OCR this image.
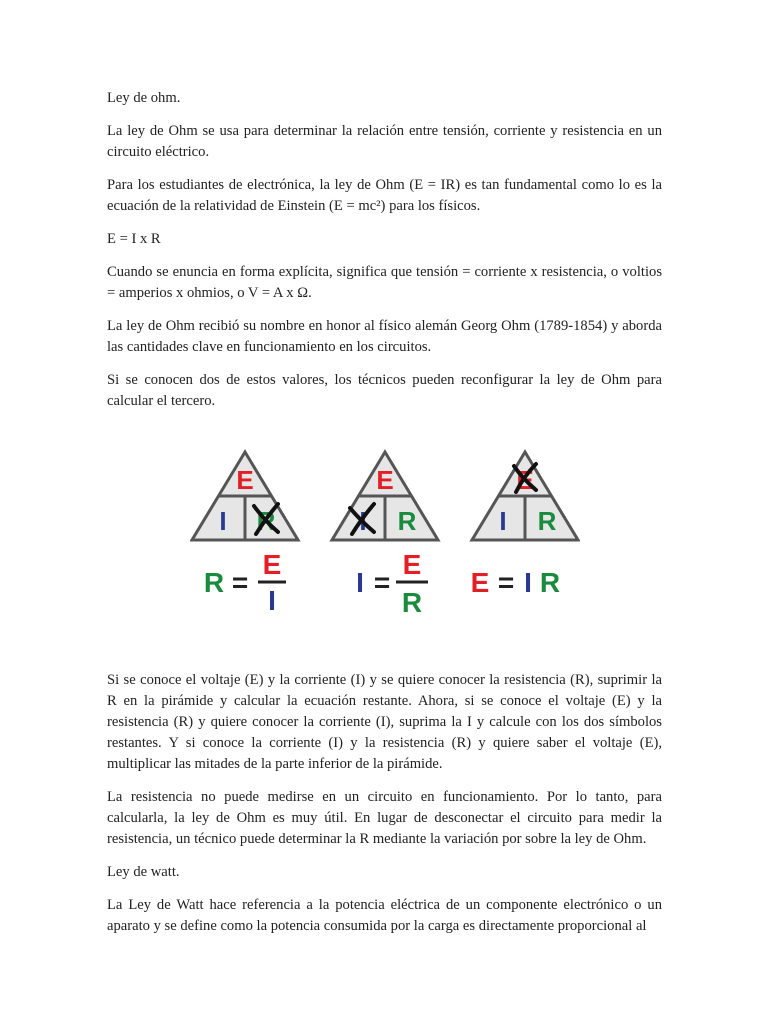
Ley de ohm.

La ley de Ohm se usa para determinar la relación entre tensión, corriente y resistencia en un circuito eléctrico.

Para los estudiantes de electrónica, la ley de Ohm (E = IR) es tan fundamental como lo es la ecuación de la relatividad de Einstein (E = mc²) para los físicos.

E = I x R

Cuando se enuncia en forma explícita, significa que tensión = corriente x resistencia, o voltios = amperios x ohmios, o V = A x Ω.

La ley de Ohm recibió su nombre en honor al físico alemán Georg Ohm (1789-1854) y aborda las cantidades clave en funcionamiento en los circuitos.

Si se conocen dos de estos valores, los técnicos pueden reconfigurar la ley de Ohm para calcular el tercero.

E
I R
E
I R
E
I R
R =
E
I
I =
E
R
E = I R

Si se conoce el voltaje (E) y la corriente (I) y se quiere conocer la resistencia (R), suprimir la R en la pirámide y calcular la ecuación restante. Ahora, si se conoce el voltaje (E) y la resistencia (R) y quiere conocer la corriente (I), suprima la I y calcule con los dos símbolos restantes. Y si conoce la corriente (I) y la resistencia (R) y quiere saber el voltaje (E), multiplicar las mitades de la parte inferior de la pirámide.

La resistencia no puede medirse en un circuito en funcionamiento. Por lo tanto, para calcularla, la ley de Ohm es muy útil. En lugar de desconectar el circuito para medir la resistencia, un técnico puede determinar la R mediante la variación por sobre la ley de Ohm.

Ley de watt.

La Ley de Watt hace referencia a la potencia eléctrica de un componente electrónico o un aparato y se define como la potencia consumida por la carga es directamente proporcional al
